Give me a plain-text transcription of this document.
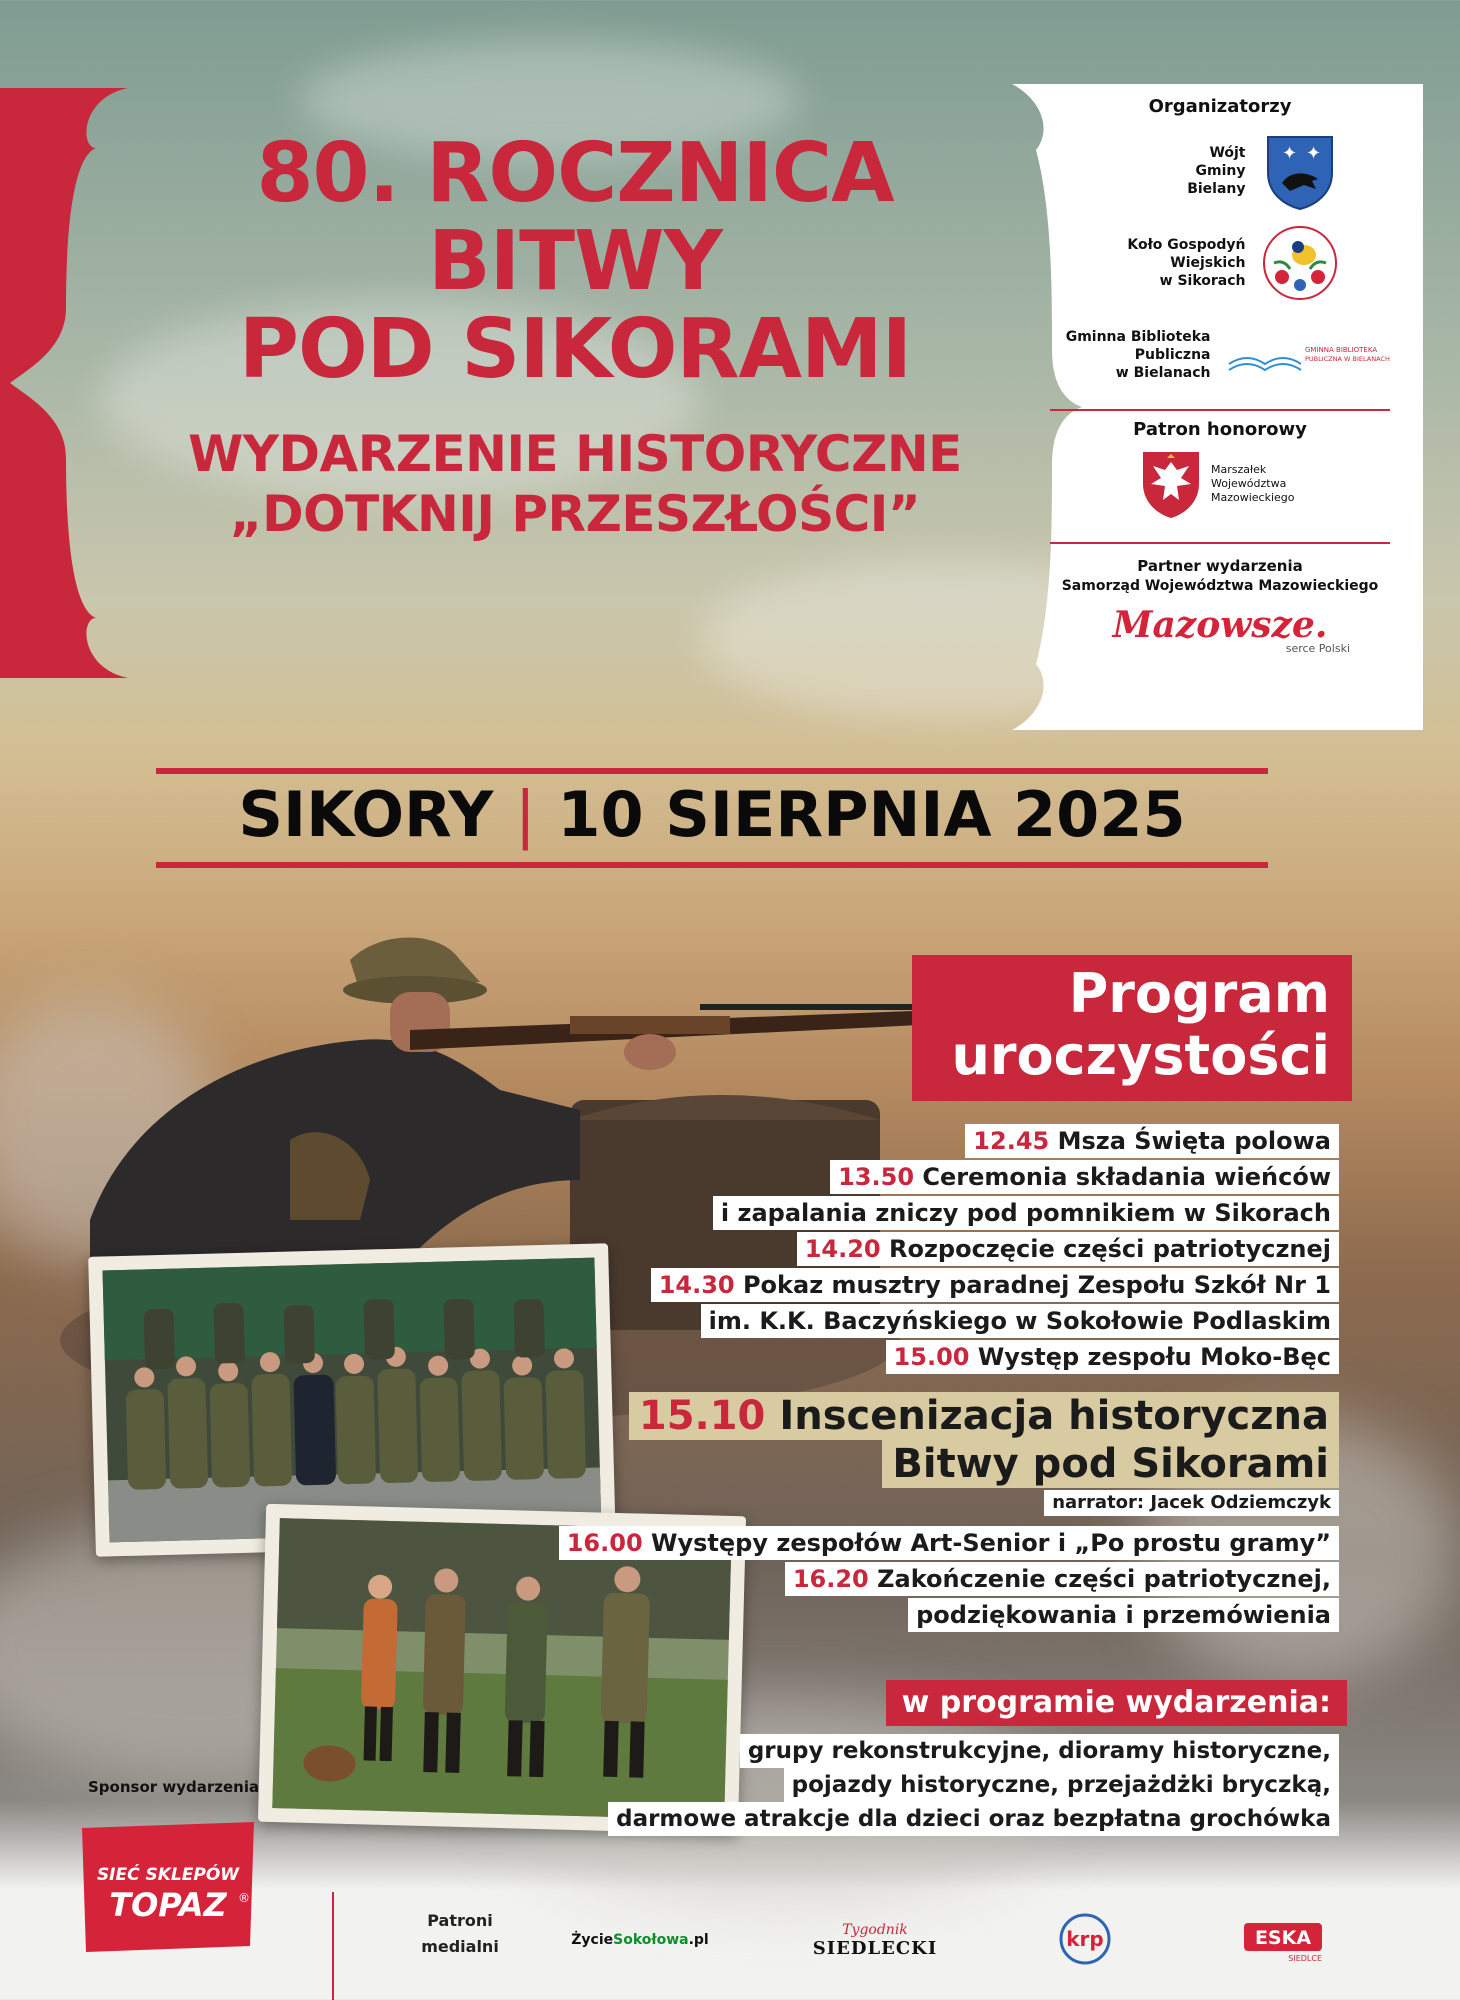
80. ROCZNICA
BITWY
POD SIKORAMI
WYDARZENIE HISTORYCZNE
„DOTKNIJ PRZESZŁOŚCI”
Organizatorzy
Wójt
Gminy
Bielany
✦ ✦
Koło Gospodyń
Wiejskich
w Sikorach
Gminna Biblioteka
Publiczna
w Bielanach
GMINNA BIBLIOTEKA
PUBLICZNA W BIELANACH
Patron honorowy
Marszałek
Województwa
Mazowieckiego
Partner wydarzenia
Samorząd Województwa Mazowieckiego
Mazowsze.
serce Polski
SIKORY | 10 SIERPNIA 2025
Program
uroczystości
12.45 Msza Święta polowa
13.50 Ceremonia składania wieńców
i zapalania zniczy pod pomnikiem w Sikorach
14.20 Rozpoczęcie części patriotycznej
14.30 Pokaz musztry paradnej Zespołu Szkół Nr 1
im. K.K. Baczyńskiego w Sokołowie Podlaskim
15.00 Występ zespołu Moko-Bęc
15.10 Inscenizacja historyczna
Bitwy pod Sikorami
narrator: Jacek Odziemczyk
16.00 Występy zespołów Art-Senior i „Po prostu gramy”
16.20 Zakończenie części patriotycznej,
podziękowania i przemówienia
w programie wydarzenia:
grupy rekonstrukcyjne, dioramy historyczne,
pojazdy historyczne, przejażdżki bryczką,
darmowe atrakcje dla dzieci oraz bezpłatna grochówka
Sponsor wydarzenia
SIEĆ SKLEPÓW
TOPAZ ®
Patroni
medialni	Życie Sokołowa .pl
Tygodnik
SIEDLECKI	krp	ESKA
SIEDLCE
